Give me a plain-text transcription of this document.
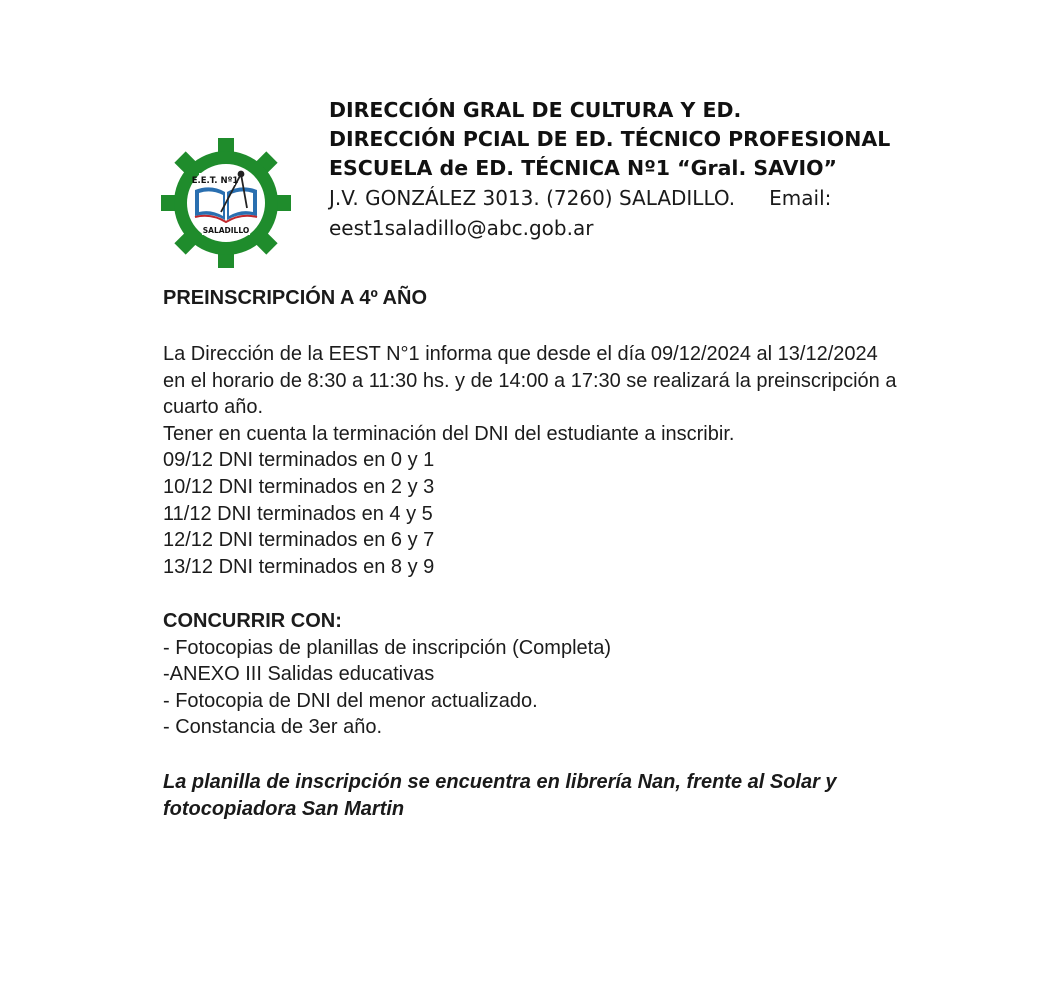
E.E.T. Nº1
SALADILLO
DIRECCIÓN GRAL DE CULTURA Y ED.
DIRECCIÓN PCIAL DE ED. TÉCNICO PROFESIONAL
ESCUELA de ED. TÉCNICA Nº1 “Gral. SAVIO”
J.V. GONZÁLEZ 3013. (7260) SALADILLO. Email:
eest1saladillo@abc.gob.ar
PREINSCRIPCIÓN A 4º AÑO
La Dirección de la EEST N°1 informa que desde el día 09/12/2024 al 13/12/2024
en el horario de 8:30 a 11:30 hs. y de 14:00 a 17:30 se realizará la preinscripción a
cuarto año.
Tener en cuenta la terminación del DNI del estudiante a inscribir.
09/12 DNI terminados en 0 y 1
10/12 DNI terminados en 2 y 3
11/12 DNI terminados en 4 y 5
12/12 DNI terminados en 6 y 7
13/12 DNI terminados en 8 y 9
CONCURRIR CON:
- Fotocopias de planillas de inscripción (Completa)
-ANEXO III Salidas educativas
- Fotocopia de DNI del menor actualizado.
- Constancia de 3er año.
La planilla de inscripción se encuentra en librería Nan, frente al Solar y
fotocopiadora San Martin
